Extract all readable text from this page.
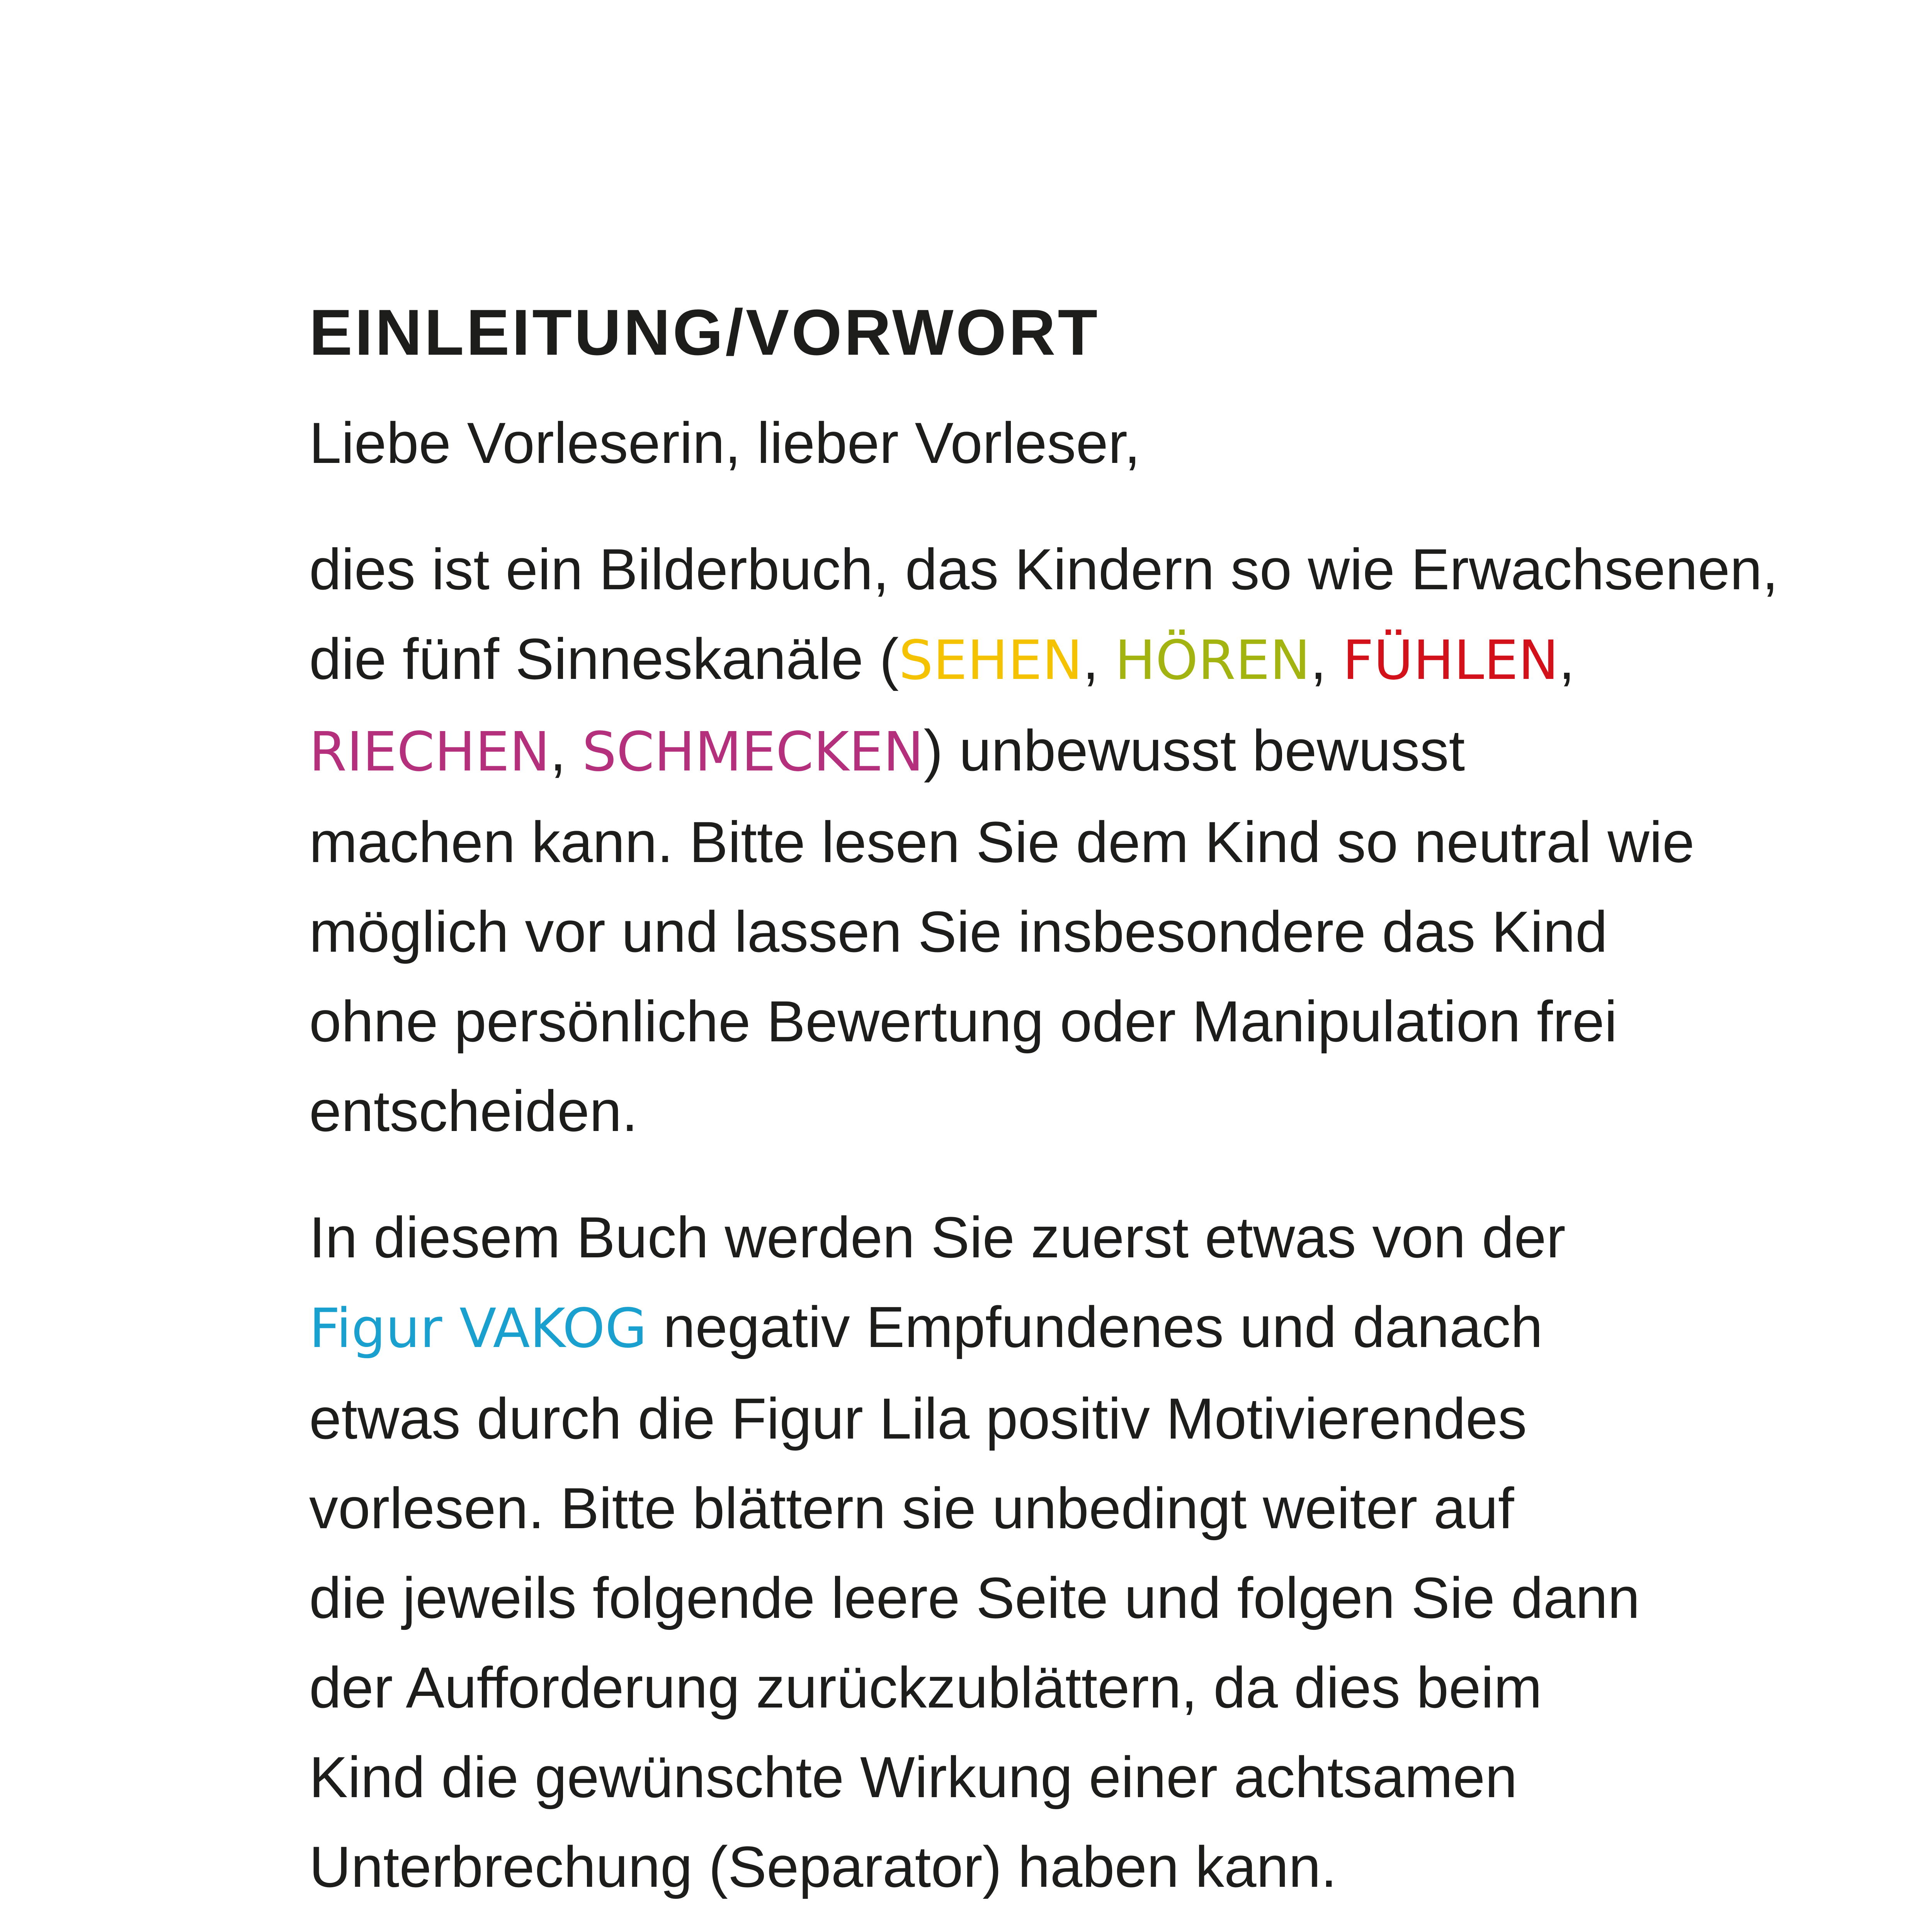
EINLEITUNG/VORWORT

Liebe Vorleserin, lieber Vorleser,

dies ist ein Bilderbuch, das Kindern so wie Erwachsenen,
die fünf Sinneskanäle (SEHEN, HÖREN, FÜHLEN,
RIECHEN, SCHMECKEN) unbewusst bewusst
machen kann. Bitte lesen Sie dem Kind so neutral wie
möglich vor und lassen Sie insbesondere das Kind
ohne persönliche Bewertung oder Manipulation frei
entscheiden.

In diesem Buch werden Sie zuerst etwas von der
Figur VAKOG negativ Empfundenes und danach
etwas durch die Figur Lila positiv Motivierendes
vorlesen. Bitte blättern sie unbedingt weiter auf
die jeweils folgende leere Seite und folgen Sie dann
der Aufforderung zurückzublättern, da dies beim
Kind die gewünschte Wirkung einer achtsamen
Unterbrechung (Separator) haben kann.
